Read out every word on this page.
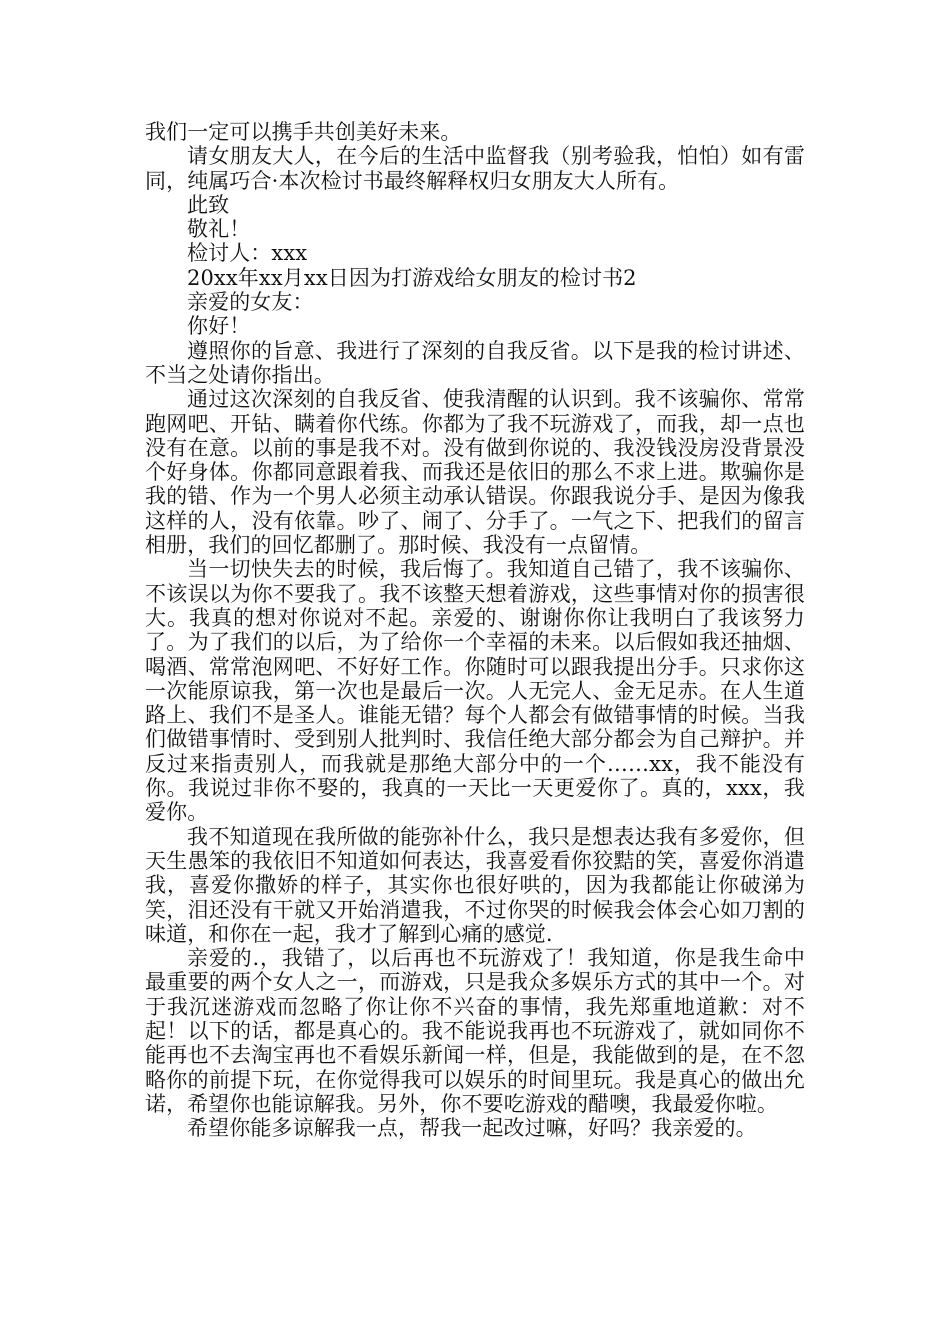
我们一定可以携手共创美好未来。

请女朋友大人，在今后的生活中监督我（别考验我，怕怕）如有雷同，纯属巧合·本次检讨书最终解释权归女朋友大人所有。

此致

敬礼！

检讨人：xxx

20xx年xx月xx日因为打游戏给女朋友的检讨书2

亲爱的女友：

你好！

遵照你的旨意、我进行了深刻的自我反省。以下是我的检讨讲述、不当之处请你指出。

通过这次深刻的自我反省、使我清醒的认识到。我不该骗你、常常跑网吧、开钻、瞒着你代练。你都为了我不玩游戏了，而我，却一点也没有在意。以前的事是我不对。没有做到你说的、我没钱没房没背景没个好身体。你都同意跟着我、而我还是依旧的那么不求上进。欺骗你是我的错、作为一个男人必须主动承认错误。你跟我说分手、是因为像我这样的人，没有依靠。吵了、闹了、分手了。一气之下、把我们的留言相册，我们的回忆都删了。那时候、我没有一点留情。

当一切快失去的时候，我后悔了。我知道自己错了，我不该骗你、不该误以为你不要我了。我不该整天想着游戏，这些事情对你的损害很大。我真的想对你说对不起。亲爱的、谢谢你你让我明白了我该努力了。为了我们的以后，为了给你一个幸福的未来。以后假如我还抽烟、喝酒、常常泡网吧、不好好工作。你随时可以跟我提出分手。只求你这一次能原谅我，第一次也是最后一次。人无完人、金无足赤。在人生道路上、我们不是圣人。谁能无错？每个人都会有做错事情的时候。当我们做错事情时、受到别人批判时、我信任绝大部分都会为自己辩护。并反过来指责别人，而我就是那绝大部分中的一个……xx，我不能没有你。我说过非你不娶的，我真的一天比一天更爱你了。真的，xxx，我爱你。

我不知道现在我所做的能弥补什么，我只是想表达我有多爱你，但天生愚笨的我依旧不知道如何表达，我喜爱看你狡黠的笑，喜爱你消遣我，喜爱你撒娇的样子，其实你也很好哄的，因为我都能让你破涕为笑，泪还没有干就又开始消遣我，不过你哭的时候我会体会心如刀割的味道，和你在一起，我才了解到心痛的感觉.

亲爱的.，我错了，以后再也不玩游戏了！我知道，你是我生命中最重要的两个女人之一，而游戏，只是我众多娱乐方式的其中一个。对于我沉迷游戏而忽略了你让你不兴奋的事情，我先郑重地道歉：对不起！以下的话，都是真心的。我不能说我再也不玩游戏了，就如同你不能再也不去淘宝再也不看娱乐新闻一样，但是，我能做到的是，在不忽略你的前提下玩，在你觉得我可以娱乐的时间里玩。我是真心的做出允诺，希望你也能谅解我。另外，你不要吃游戏的醋噢，我最爱你啦。

希望你能多谅解我一点，帮我一起改过嘛，好吗？我亲爱的。
